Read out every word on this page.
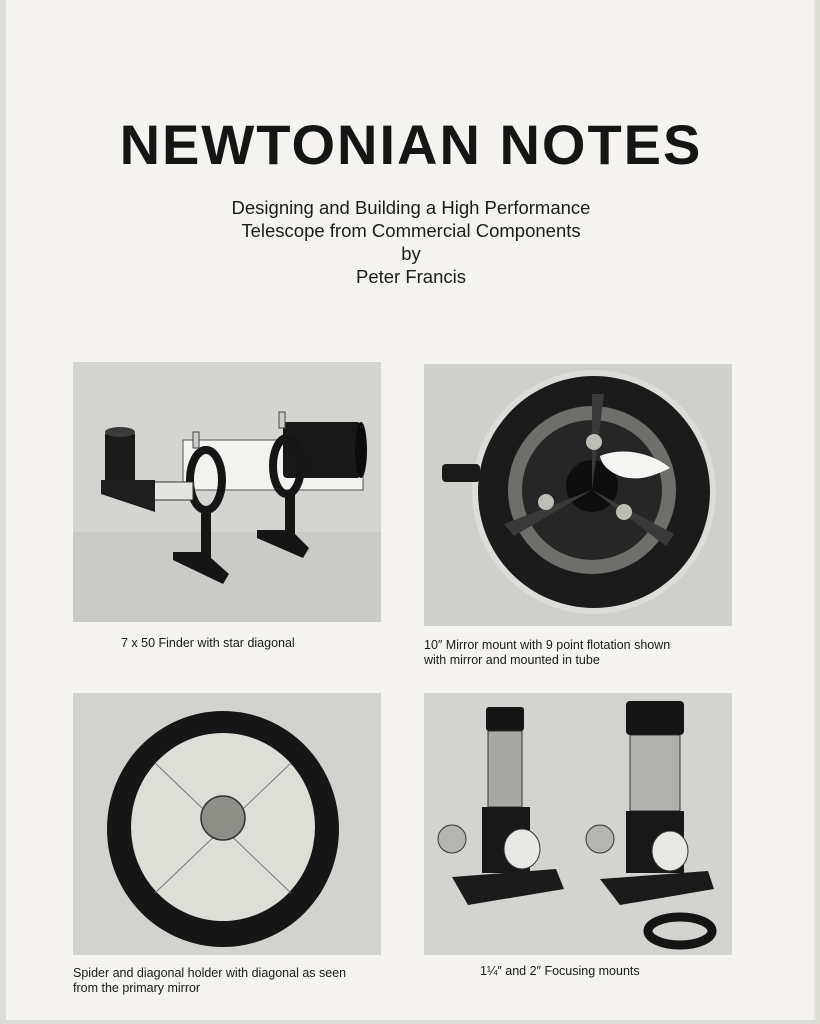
NEWTONIAN NOTES
Designing and Building a High Performance
Telescope from Commercial Components
by
Peter Francis
7 x 50 Finder with star diagonal	10″ Mirror mount with 9 point flotation shown
with mirror and mounted in tube
Spider and diagonal holder with diagonal as seen
from the primary mirror
1¼″ and 2″ Focusing mounts
